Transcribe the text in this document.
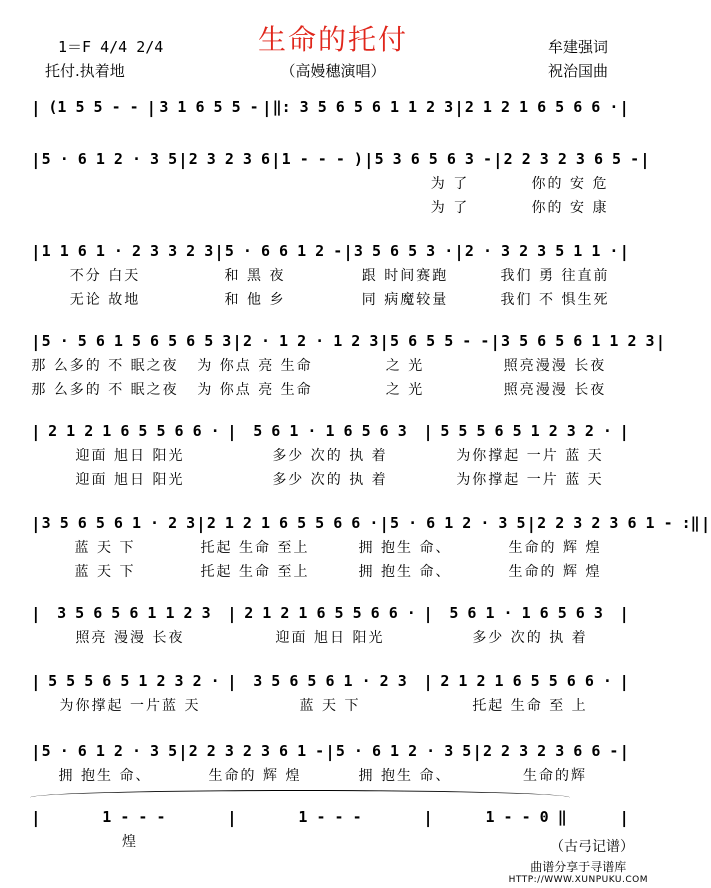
生命的托付
（高嫚穗演唱）
1＝F 4/4 2/4
托付.执着地
牟建强词
祝治国曲
| (1 5 5 - - | 3 1 6 5 5 - | ‖: 3 5 6 5 6 1 1 2 3 | 2 1 2 1 6 5 6 6 · |
| 5 · 6 1 2 · 3 5 | 2 3 2 3 6 | 1 - - - ) | 5 3 6 5 6 3 - | 2 2 3 2 3 6 5 - |
为 了	你的 安 危
为 了	你的 安 康
| 1 1 6 1 · 2 3 3 2 3 | 5 · 6 6 1 2 - | 3 5 6 5 3 · | 2 · 3 2 3 5 1 1 · |
不分 白天	和 黑 夜	跟 时间赛跑	我们 勇 往直前
无论 故地	和 他 乡	同 病魔较量	我们 不 惧生死
| 5 · 5 6 1 5 6 5 6 5 3 | 2 · 1 2 · 1 2 3 | 5 6 5 5 - - | 3 5 6 5 6 1 1 2 3 |
那 么多的 不 眠之夜	为 你点 亮 生命	之 光	照亮漫漫 长夜
那 么多的 不 眠之夜	为 你点 亮 生命	之 光	照亮漫漫 长夜
| 2 1 2 1 6 5 5 6 6 · |	5 6 1 · 1 6 5 6 3	| 5 5 5 6 5 1 2 3 2 · |
迎面 旭日 阳光	多少 次的 执 着	为你撑起 一片 蓝 天
迎面 旭日 阳光	多少 次的 执 着	为你撑起 一片 蓝 天
| 3 5 6 5 6 1 · 2 3 | 2 1 2 1 6 5 5 6 6 · | 5 · 6 1 2 · 3 5 | 2 2 3 2 3 6 1 - :‖ |
蓝 天 下	托起 生命 至上	拥 抱生 命、	生命的 辉 煌
蓝 天 下	托起 生命 至上	拥 抱生 命、	生命的 辉 煌
|	3 5 6 5 6 1 1 2 3	| 2 1 2 1 6 5 5 6 6 · |	5 6 1 · 1 6 5 6 3	|
照亮 漫漫 长夜	迎面 旭日 阳光	多少 次的 执 着
| 5 5 5 6 5 1 2 3 2 · |	3 5 6 5 6 1 · 2 3	| 2 1 2 1 6 5 5 6 6 · |
为你撑起 一片蓝 天	蓝 天 下	托起 生命 至 上
| 5 · 6 1 2 · 3 5 | 2 2 3 2 3 6 1 - | 5 · 6 1 2 · 3 5 | 2 2 3 2 3 6 6 - |
拥 抱生 命、	生命的 辉 煌	拥 抱生 命、	生命的辉
|	1 - - -	|	1 - - -	|	1 - - 0 ‖	|
煌	（古弓记谱）
曲谱分享于寻谱库
HTTP://WWW.XUNPUKU.COM
